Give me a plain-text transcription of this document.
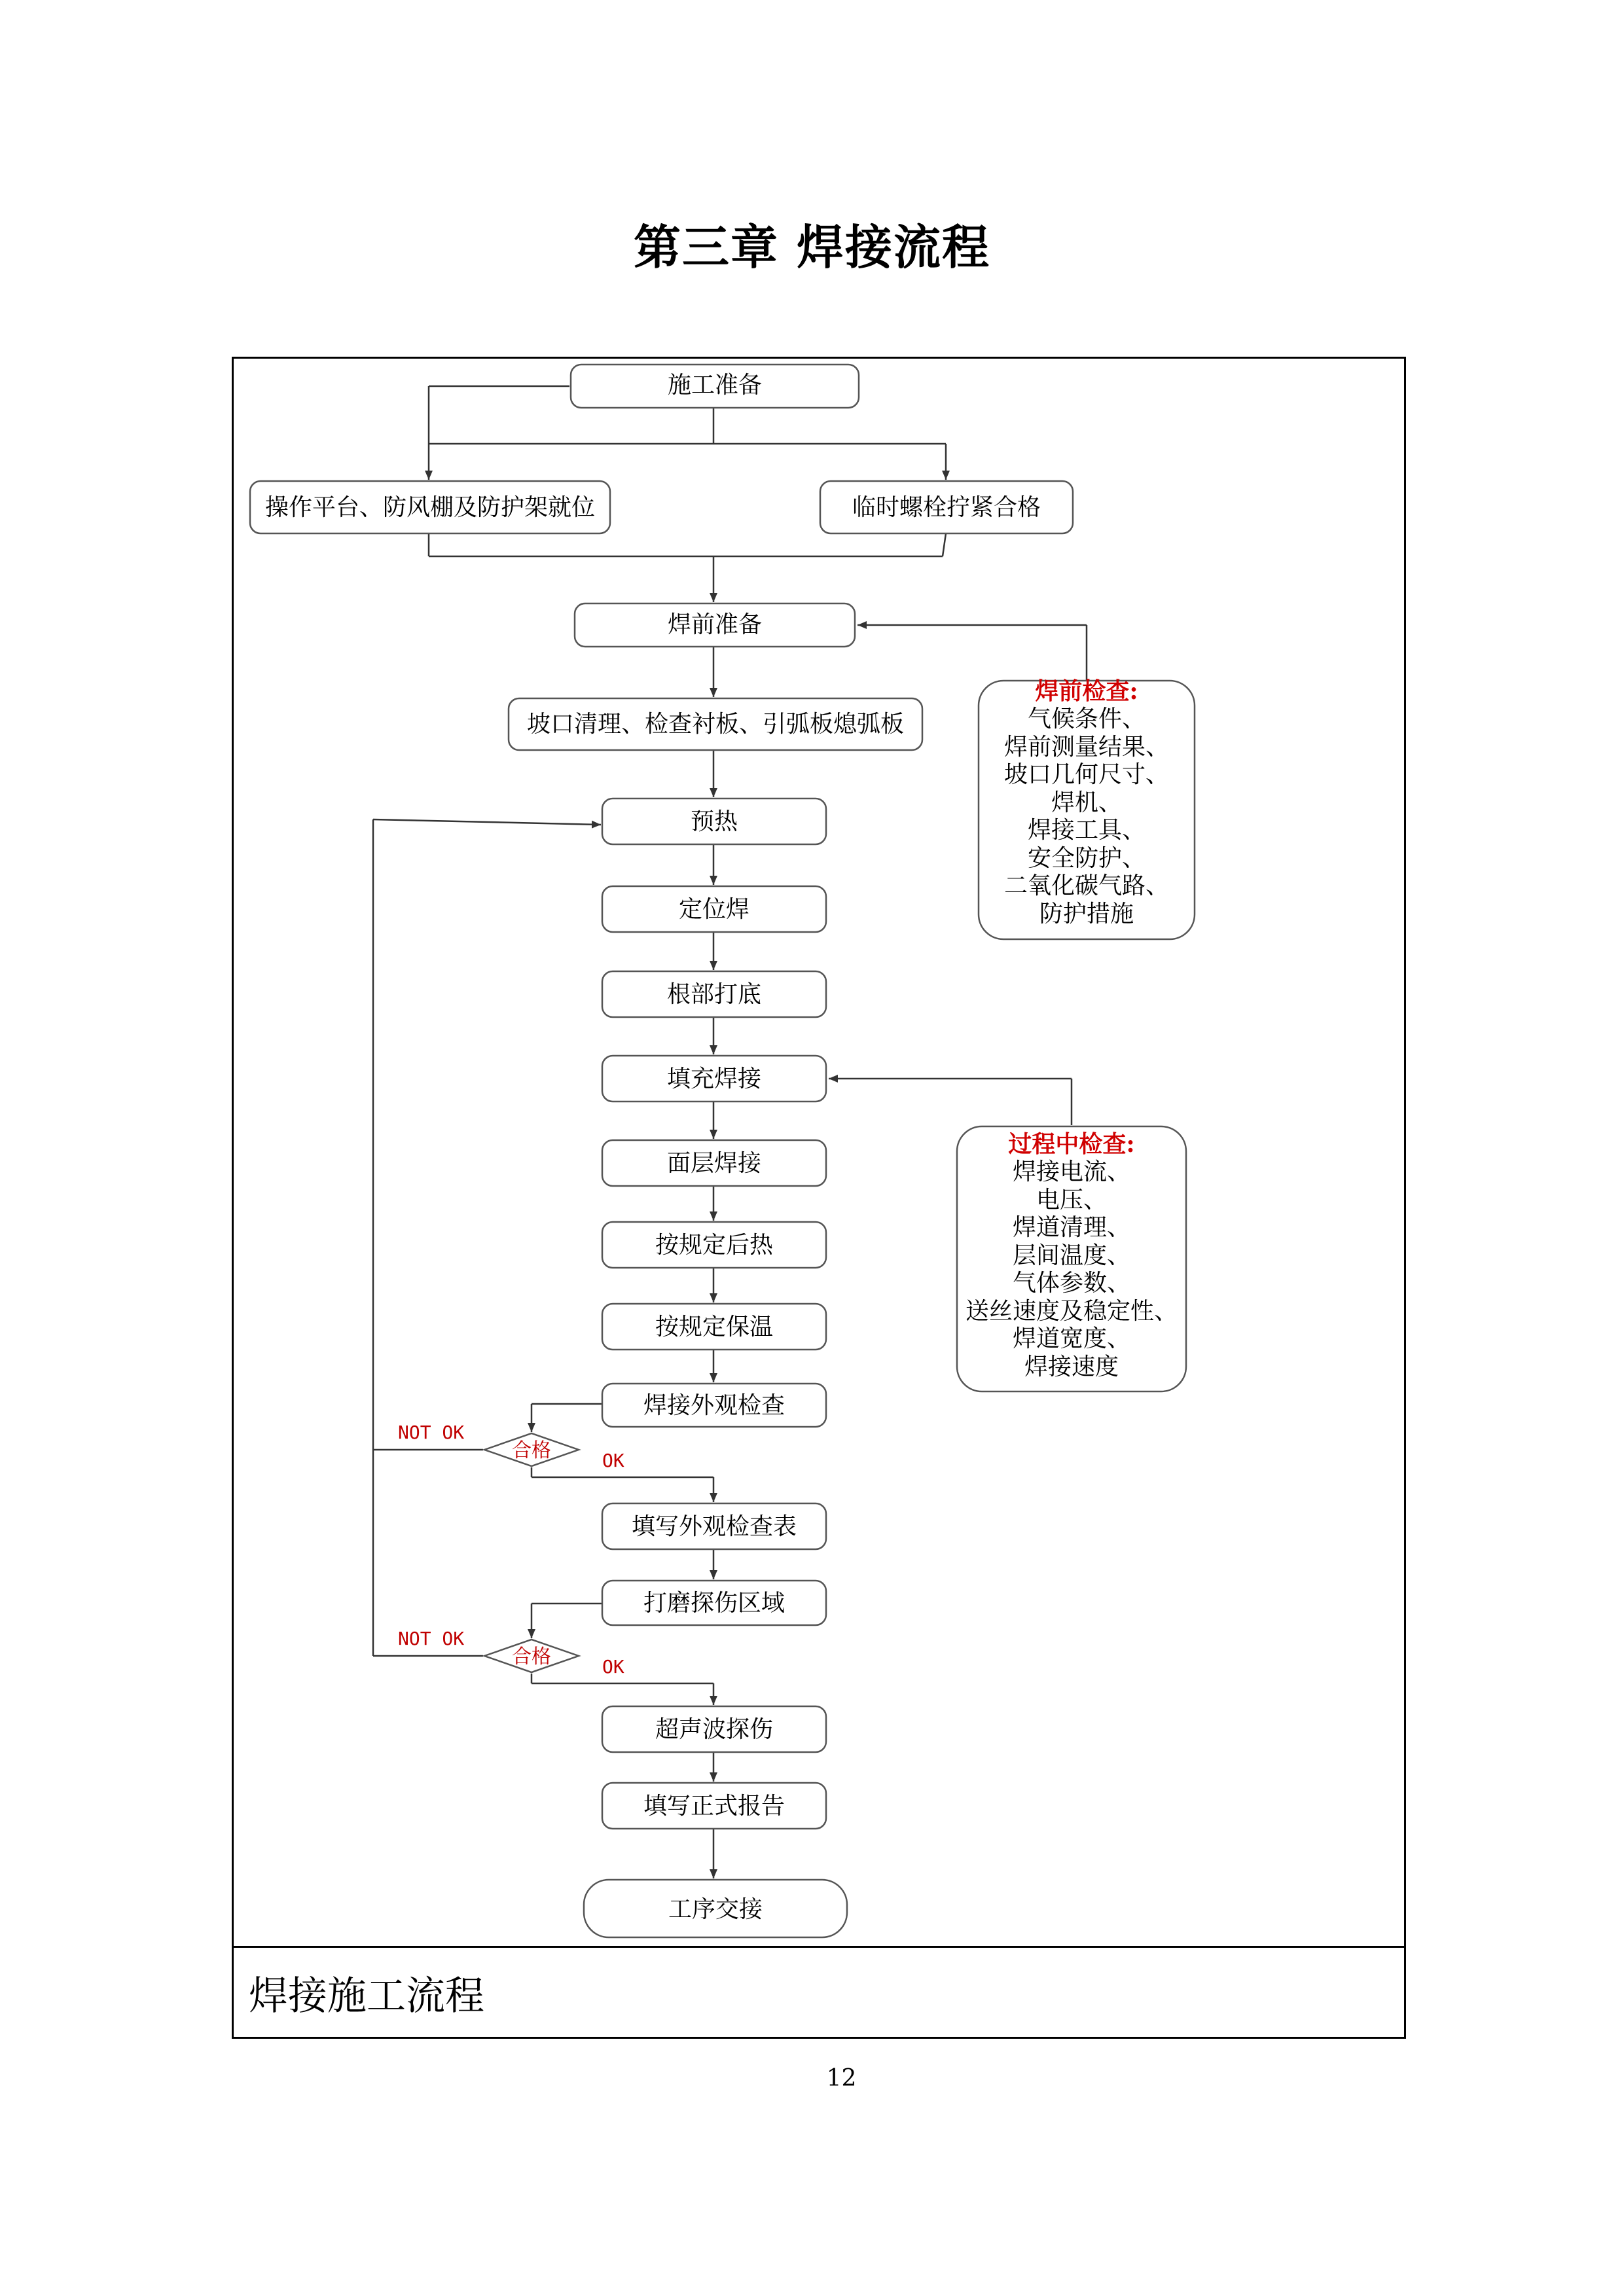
第三章 焊接流程
焊接施工流程
施工准备
操作平台、防风棚及防护架就位	临时螺栓拧紧合格
焊前准备
坡口清理、检查衬板、引弧板熄弧板
预热
定位焊
根部打底
填充焊接
面层焊接
按规定后热
按规定保温
焊接外观检查
填写外观检查表
打磨探伤区域
超声波探伤
填写正式报告
工序交接
合格
NOT OK
OK
合格
NOT OK
OK
焊前检查:
气候条件、
焊前测量结果、
坡口几何尺寸、
焊机、
焊接工具、
安全防护、
二氧化碳气路、
防护措施
过程中检查:
焊接电流、
电压、
焊道清理、
层间温度、
气体参数、
送丝速度及稳定性、
焊道宽度、
焊接速度
12
